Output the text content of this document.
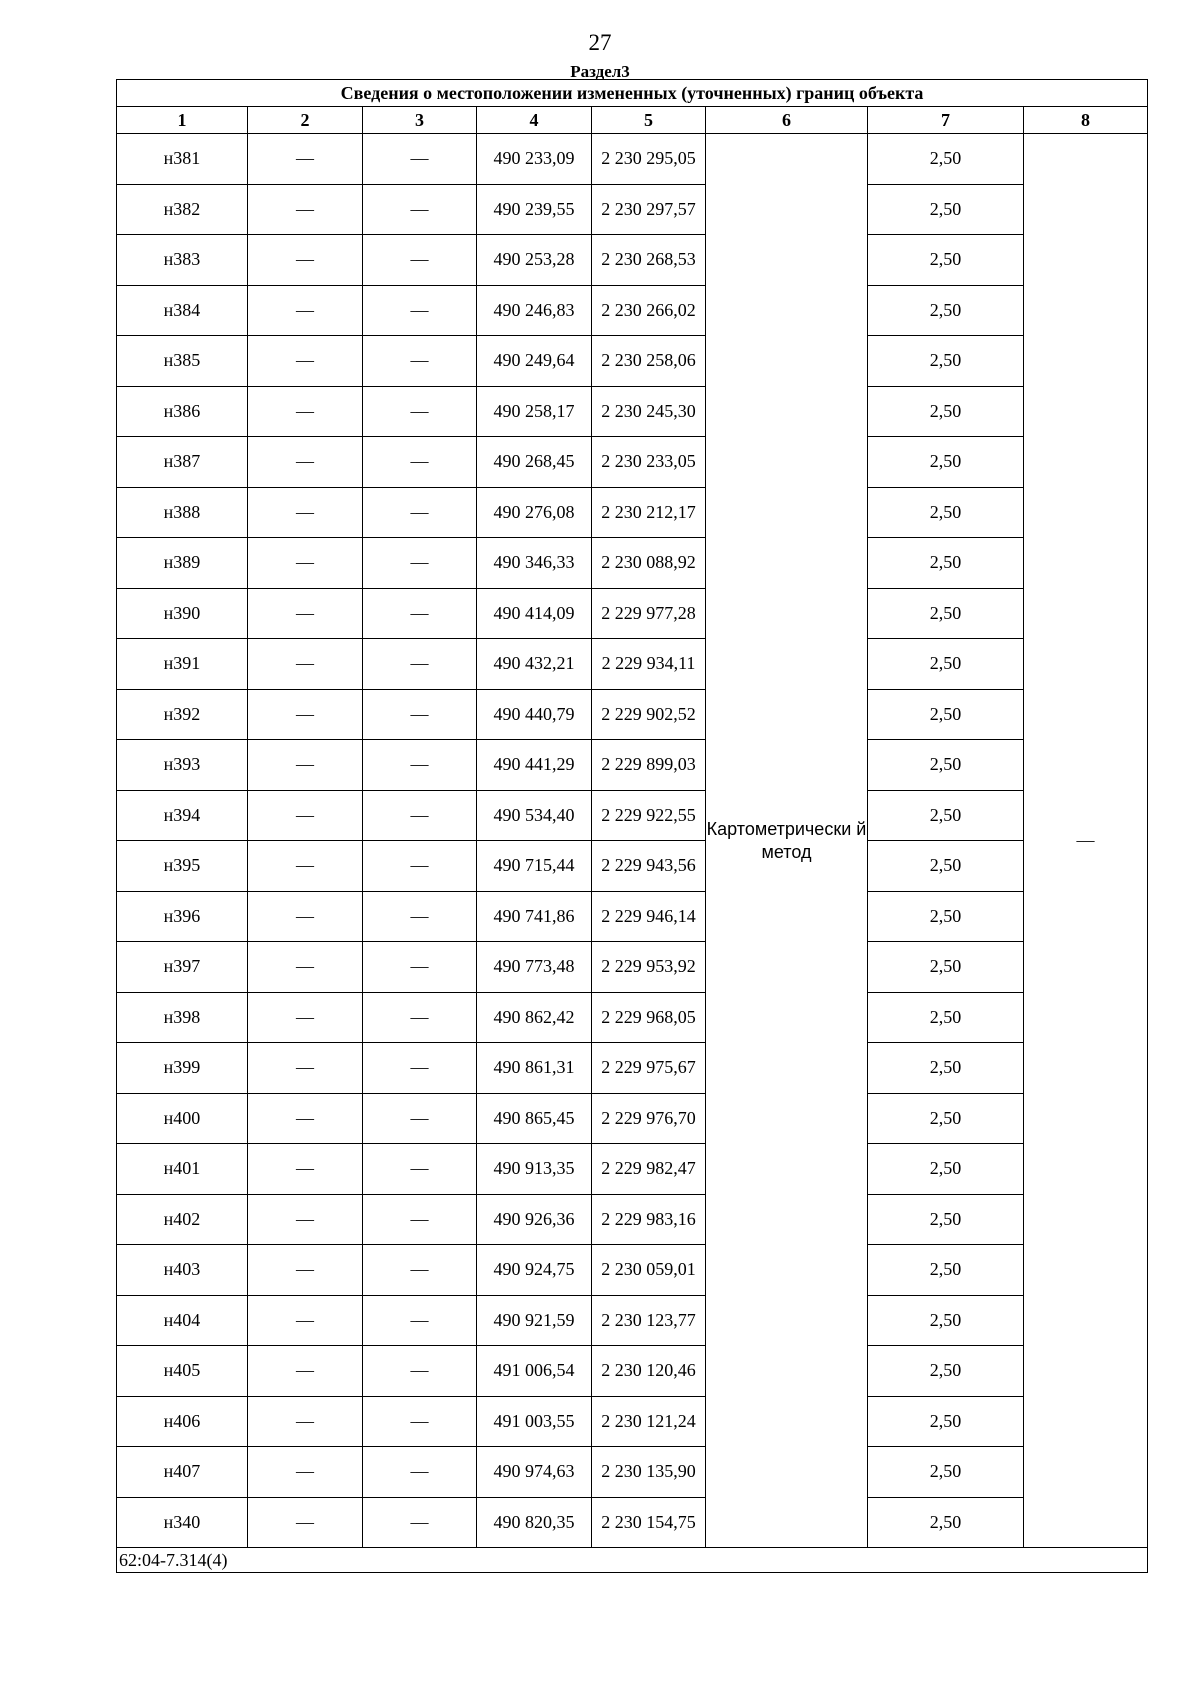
27
Раздел3
Сведения о местоположении измененных (уточненных) границ объекта							
1	2	3	4	5	6	7	8
н381	—	—	490 233,09	2 230 295,05	Картометрически й метод	2,50	—
н382	—	—	490 239,55	2 230 297,57		2,50	
н383	—	—	490 253,28	2 230 268,53		2,50	
н384	—	—	490 246,83	2 230 266,02		2,50	
н385	—	—	490 249,64	2 230 258,06		2,50	
н386	—	—	490 258,17	2 230 245,30		2,50	
н387	—	—	490 268,45	2 230 233,05		2,50	
н388	—	—	490 276,08	2 230 212,17		2,50	
н389	—	—	490 346,33	2 230 088,92		2,50	
н390	—	—	490 414,09	2 229 977,28		2,50	
н391	—	—	490 432,21	2 229 934,11		2,50	
н392	—	—	490 440,79	2 229 902,52		2,50	
н393	—	—	490 441,29	2 229 899,03		2,50	
н394	—	—	490 534,40	2 229 922,55		2,50	
н395	—	—	490 715,44	2 229 943,56		2,50	
н396	—	—	490 741,86	2 229 946,14		2,50	
н397	—	—	490 773,48	2 229 953,92		2,50	
н398	—	—	490 862,42	2 229 968,05		2,50	
н399	—	—	490 861,31	2 229 975,67		2,50	
н400	—	—	490 865,45	2 229 976,70		2,50	
н401	—	—	490 913,35	2 229 982,47		2,50	
н402	—	—	490 926,36	2 229 983,16		2,50	
н403	—	—	490 924,75	2 230 059,01		2,50	
н404	—	—	490 921,59	2 230 123,77		2,50	
н405	—	—	491 006,54	2 230 120,46		2,50	
н406	—	—	491 003,55	2 230 121,24		2,50	
н407	—	—	490 974,63	2 230 135,90		2,50	
н340	—	—	490 820,35	2 230 154,75		2,50	
62:04-7.314(4)							
